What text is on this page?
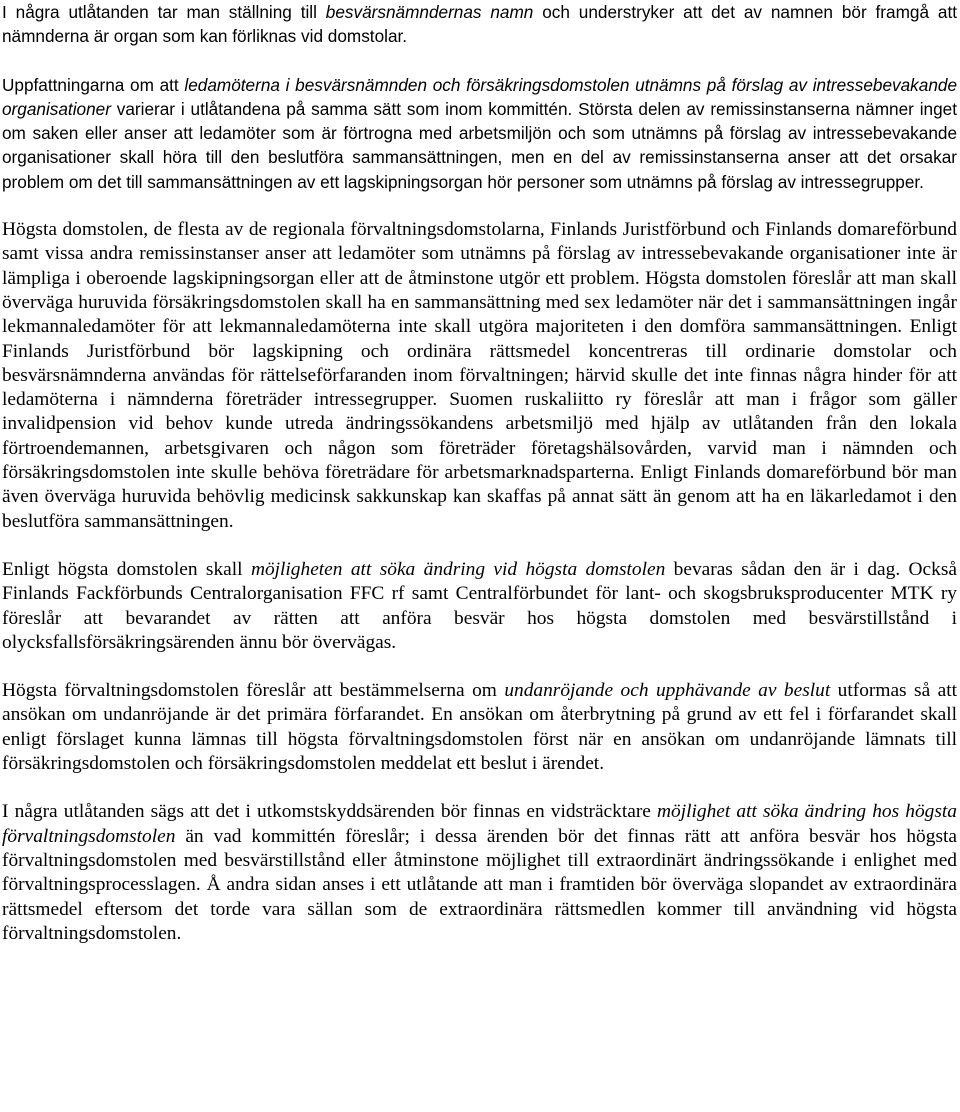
I några utlåtanden tar man ställning till besvärsnämndernas namn och understryker att det av namnen bör framgå att nämnderna är organ som kan förliknas vid domstolar.

Uppfattningarna om att ledamöterna i besvärsnämnden och försäkringsdomstolen utnämns på förslag av intressebevakande organisationer varierar i utlåtandena på samma sätt som inom kommittén. Största delen av remissinstanserna nämner inget om saken eller anser att ledamöter som är förtrogna med arbetsmiljön och som utnämns på förslag av intressebevakande organisationer skall höra till den beslutföra sammansättningen, men en del av remissinstanserna anser att det orsakar problem om det till sammansättningen av ett lagskipningsorgan hör personer som utnämns på förslag av intressegrupper.

Högsta domstolen, de flesta av de regionala förvaltningsdomstolarna, Finlands Juristförbund och Finlands domareförbund samt vissa andra remissinstanser anser att ledamöter som utnämns på förslag av intressebevakande organisationer inte är lämpliga i oberoende lagskipningsorgan eller att de åtminstone utgör ett problem. Högsta domstolen föreslår att man skall överväga huruvida försäkringsdomstolen skall ha en sammansättning med sex ledamöter när det i sammansättningen ingår lekmannaledamöter för att lekmannaledamöterna inte skall utgöra majoriteten i den domföra sammansättningen. Enligt Finlands Juristförbund bör lagskipning och ordinära rättsmedel koncentreras till ordinarie domstolar och besvärsnämnderna användas för rättelseförfaranden inom förvaltningen; härvid skulle det inte finnas några hinder för att ledamöterna i nämnderna företräder intressegrupper. Suomen ruskaliitto ry föreslår att man i frågor som gäller invalidpension vid behov kunde utreda ändringssökandens arbetsmiljö med hjälp av utlåtanden från den lokala förtroendemannen, arbetsgivaren och någon som företräder företagshälsovården, varvid man i nämnden och försäkringsdomstolen inte skulle behöva företrädare för arbetsmarknadsparterna. Enligt Finlands domareförbund bör man även överväga huruvida behövlig medicinsk sakkunskap kan skaffas på annat sätt än genom att ha en läkarledamot i den beslutföra sammansättningen.

Enligt högsta domstolen skall möjligheten att söka ändring vid högsta domstolen bevaras sådan den är i dag. Också Finlands Fackförbunds Centralorganisation FFC rf samt Centralförbundet för lant- och skogsbruksproducenter MTK ry föreslår att bevarandet av rätten att anföra besvär hos högsta domstolen med besvärstillstånd i olycksfallsförsäkringsärenden ännu bör övervägas.

Högsta förvaltningsdomstolen föreslår att bestämmelserna om undanröjande och upphävande av beslut utformas så att ansökan om undanröjande är det primära förfarandet. En ansökan om återbrytning på grund av ett fel i förfarandet skall enligt förslaget kunna lämnas till högsta förvaltningsdomstolen först när en ansökan om undanröjande lämnats till försäkringsdomstolen och försäkringsdomstolen meddelat ett beslut i ärendet.

I några utlåtanden sägs att det i utkomstskyddsärenden bör finnas en vidsträcktare möjlighet att söka ändring hos högsta förvaltningsdomstolen än vad kommittén föreslår; i dessa ärenden bör det finnas rätt att anföra besvär hos högsta förvaltningsdomstolen med besvärstillstånd eller åtminstone möjlighet till extraordinärt ändringssökande i enlighet med förvaltningsprocesslagen. Å andra sidan anses i ett utlåtande att man i framtiden bör överväga slopandet av extraordinära rättsmedel eftersom det torde vara sällan som de extraordinära rättsmedlen kommer till användning vid högsta förvaltningsdomstolen.
